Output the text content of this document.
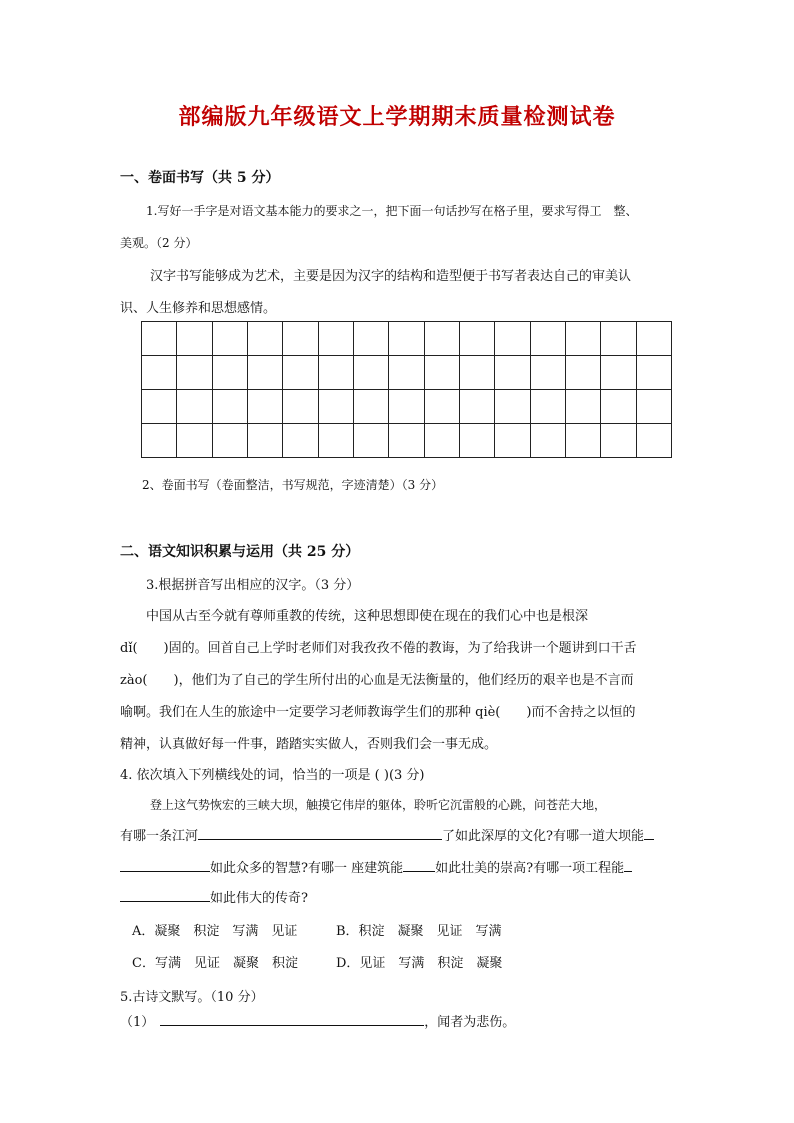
部编版九年级语文上学期期末质量检测试卷
一、卷面书写（共 5 分）
1.写好一手字是对语文基本能力的要求之一，把下面一句话抄写在格子里，要求写得工　整、
美观。（2 分）
汉字书写能够成为艺术，主要是因为汉字的结构和造型便于书写者表达自己的审美认
识、人生修养和思想感情。

2、卷面书写（卷面整洁，书写规范，字迹清楚）（3 分）
二、语文知识积累与运用（共 25 分）
3.根据拼音写出相应的汉字。（3 分）
中国从古至今就有尊师重教的传统，这种思想即使在现在的我们心中也是根深
dǐ(　　)固的。回首自己上学时老师们对我孜孜不倦的教诲，为了给我讲一个题讲到口干舌
zào(　　)，他们为了自己的学生所付出的心血是无法衡量的，他们经历的艰辛也是不言而
喻啊。我们在人生的旅途中一定要学习老师教诲学生们的那种 qiè(　　)而不舍持之以恒的
精神，认真做好每一件事，踏踏实实做人，否则我们会一事无成。
4. 依次填入下列横线处的词，恰当的一项是 ( )(3 分)
登上这气势恢宏的三峡大坝，触摸它伟岸的躯体，聆听它沉雷般的心跳，问苍茫大地，
有哪一条江河	了如此深厚的文化?有哪一道大坝能
如此众多的智慧?有哪一 座建筑能 如此壮美的崇高?有哪一项工程能
如此伟大的传奇?
A．凝聚　积淀　写满　见证	B．积淀　凝聚　见证　写满
C．写满　见证　凝聚　积淀	D．见证　写满　积淀　凝聚
5.古诗文默写。（10 分）
（1）	，闻者为悲伤。
